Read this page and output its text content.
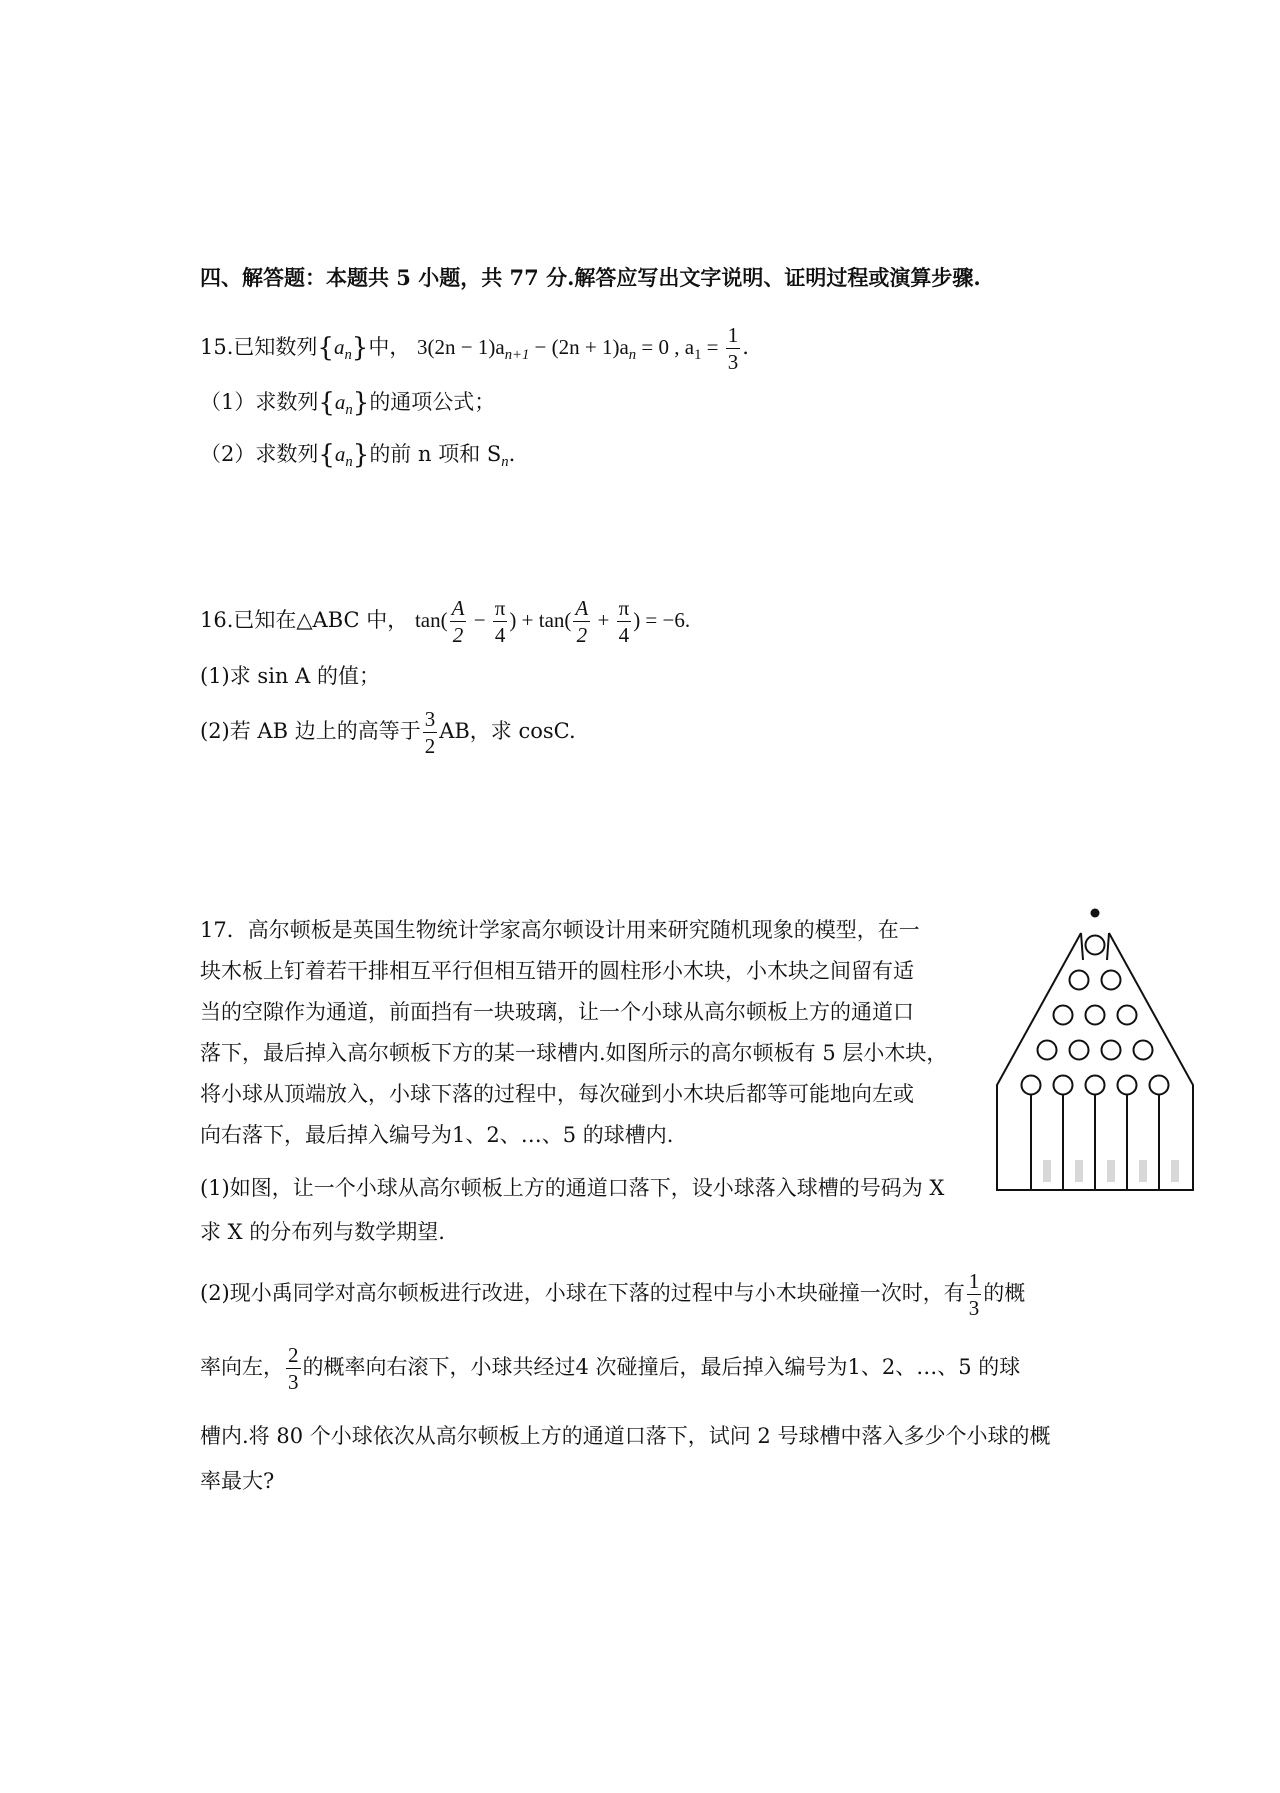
四、解答题：本题共 5 小题，共 77 分.解答应写出文字说明、证明过程或演算步骤.
15.已知数列$\{a_n\}$中， $3(2n - 1)a_{n+1} - (2n + 1)a_n = 0$ , $a_1 = \frac{1}{3}$ .
（1）求数列$\{a_n\}$的通项公式；
（2）求数列$\{a_n\}$的前 n 项和 $S_n$.
16.已知在△ABC 中， $\tan( \frac{A}{2} - \frac{\pi}{4}$ ) + $\tan( \frac{A}{2} + \frac{\pi}{4}$ ) = −6.
(1)求 sin A 的值；
(2)若 AB 边上的高等于 $\frac{3}{2}$ AB，求 cosC.
17．高尔顿板是英国生物统计学家高尔顿设计用来研究随机现象的模型，在一
块木板上钉着若干排相互平行但相互错开的圆柱形小木块，小木块之间留有适
当的空隙作为通道，前面挡有一块玻璃，让一个小球从高尔顿板上方的通道口
落下，最后掉入高尔顿板下方的某一球槽内.如图所示的高尔顿板有 5 层小木块，
将小球从顶端放入，小球下落的过程中，每次碰到小木块后都等可能地向左或
向右落下，最后掉入编号为1、2、…、5 的球槽内.
(1)如图，让一个小球从高尔顿板上方的通道口落下，设小球落入球槽的号码为 X
求 X 的分布列与数学期望.
(2)现小禹同学对高尔顿板进行改进，小球在下落的过程中与小木块碰撞一次时，有 $\frac{1}{3}$ 的概
率向左， $\frac{2}{3}$ 的概率向右滚下，小球共经过4 次碰撞后，最后掉入编号为1、2、…、5 的球
槽内.将 80 个小球依次从高尔顿板上方的通道口落下，试问 2 号球槽中落入多少个小球的概
率最大?
